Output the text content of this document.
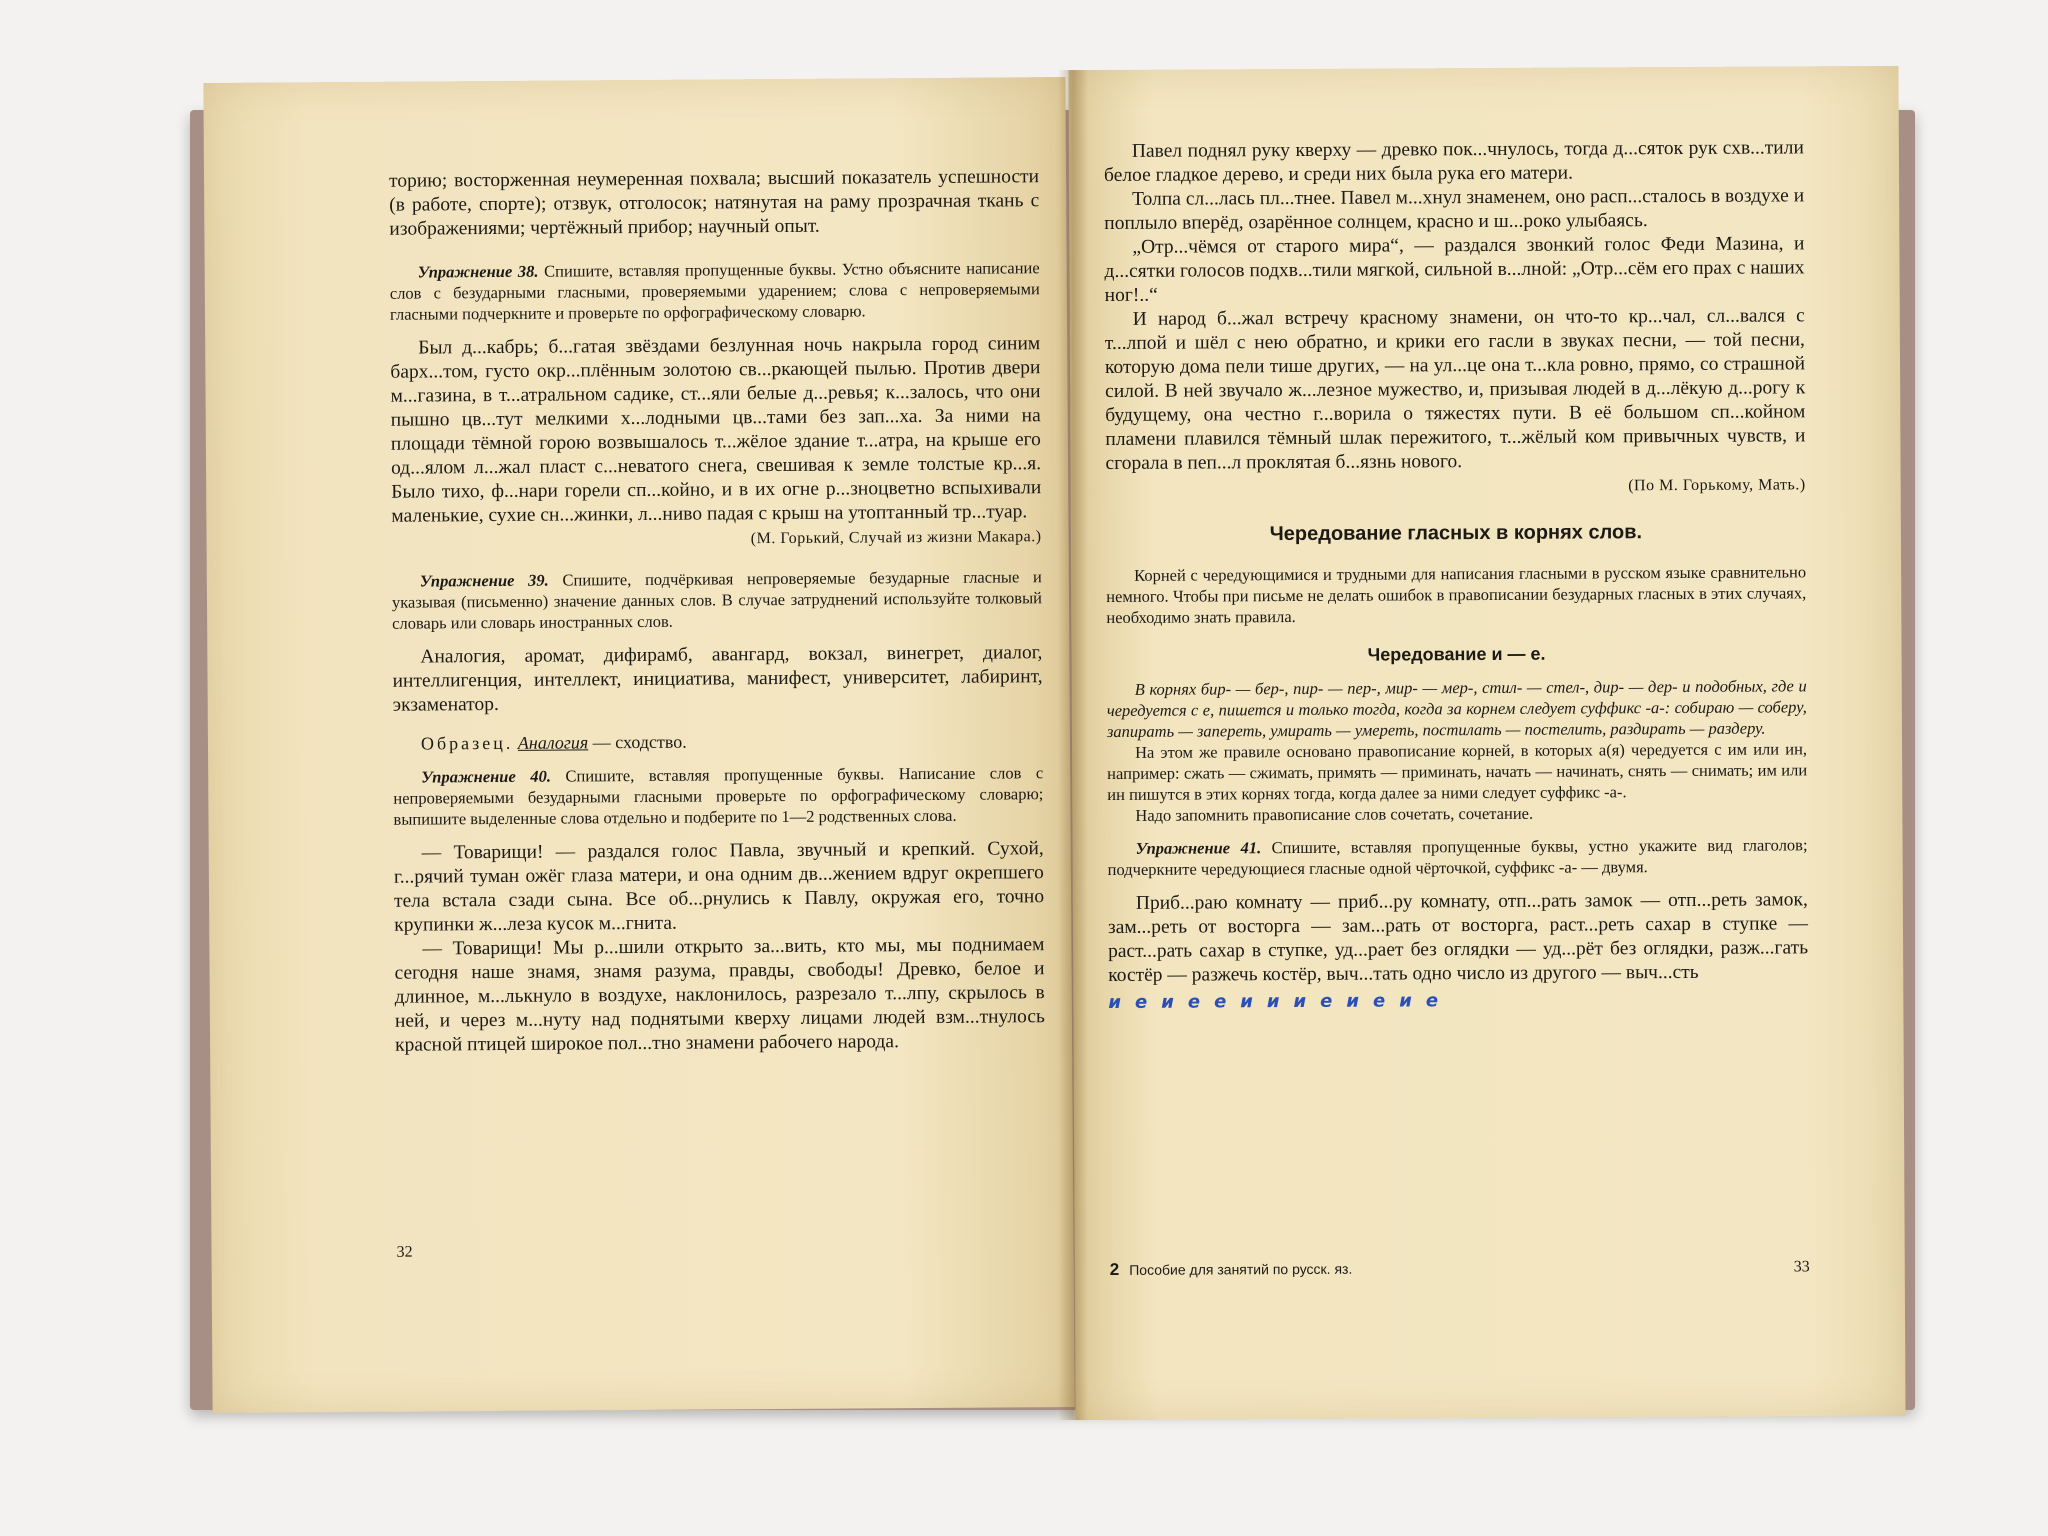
торию; восторженная неумеренная похвала; высший показатель успешности (в работе, спорте); отзвук, отголосок; натянутая на раму прозрачная ткань с изображениями; чертёжный прибор; научный опыт.

Упражнение 38. Спишите, вставляя пропущенные буквы. Устно объясните написание слов с безударными гласными, проверяемыми ударением; слова с непроверяемыми гласными подчеркните и проверьте по орфографическому словарю.

Был д...кабрь; б...гатая звёздами безлунная ночь накрыла город синим барх...том, густо окр...плённым золотою св...ркающей пылью. Против двери м...газина, в т...атральном садике, ст...яли белые д...ревья; к...залось, что они пышно цв...тут мелкими х...лодными цв...тами без зап...ха. За ними на площади тёмной горою возвышалось т...жёлое здание т...атра, на крыше его од...ялом л...жал пласт с...неватого снега, свешивая к земле толстые кр...я. Было тихо, ф...нари горели сп...койно, и в их огне р...зноцветно вспыхивали маленькие, сухие сн...жинки, л...ниво падая с крыш на утоптанный тр...туар.

(М. Горький, Случай из жизни Макара.)

Упражнение 39. Спишите, подчёркивая непроверяемые безударные гласные и указывая (письменно) значение данных слов. В случае затруднений используйте толковый словарь или словарь иностранных слов.

Аналогия, аромат, дифирамб, авангард, вокзал, винегрет, диалог, интеллигенция, интеллект, инициатива, манифест, университет, лабиринт, экзаменатор.

Образец. Аналогия — сходство.

Упражнение 40. Спишите, вставляя пропущенные буквы. Написание слов с непроверяемыми безударными гласными проверьте по орфографическому словарю; выпишите выделенные слова отдельно и подберите по 1—2 родственных слова.

— Товарищи! — раздался голос Павла, звучный и крепкий. Сухой, г...рячий туман ожёг глаза матери, и она одним дв...жением вдруг окрепшего тела встала сзади сына. Все об...рнулись к Павлу, окружая его, точно крупинки ж...леза кусок м...гнита.

— Товарищи! Мы р...шили открыто за...вить, кто мы, мы поднимаем сегодня наше знамя, знамя разума, правды, свободы! Древко, белое и длинное, м...лькнуло в воздухе, наклонилось, разрезало т...лпу, скрылось в ней, и через м...нуту над поднятыми кверху лицами людей взм...тнулось красной птицей широкое пол...тно знамени рабочего народа.

32

Павел поднял руку кверху — древко пок...чнулось, тогда д...сяток рук схв...тили белое гладкое дерево, и среди них была рука его матери.

Толпа сл...лась пл...тнее. Павел м...хнул знаменем, оно расп...сталось в воздухе и поплыло вперёд, озарённое солнцем, красно и ш...роко улыбаясь.

„Отр...чёмся от старого мира“, — раздался звонкий голос Феди Мазина, и д...сятки голосов подхв...тили мягкой, сильной в...лной: „Отр...сём его прах с наших ног!..“

И народ б...жал встречу красному знамени, он что-то кр...чал, сл...вался с т...лпой и шёл с нею обратно, и крики его гасли в звуках песни, — той песни, которую дома пели тише других, — на ул...це она т...кла ровно, прямо, со страшной силой. В ней звучало ж...лезное мужество, и, призывая людей в д...лёкую д...рогу к будущему, она честно г...ворила о тяжестях пути. В её большом сп...койном пламени плавился тёмный шлак пережитого, т...жёлый ком привычных чувств, и сгорала в пеп...л проклятая б...язнь нового.

(По М. Горькому, Мать.)

Чередование гласных в корнях слов.

Корней с чередующимися и трудными для написания гласными в русском языке сравнительно немного. Чтобы при письме не делать ошибок в правописании безударных гласных в этих случаях, необходимо знать правила.

Чередование и — е.

В корнях бир- — бер-, пир- — пер-, мир- — мер-, стил- — стел-, дир- — дер- и подобных, где и чередуется с е, пишется и только тогда, когда за корнем следует суффикс -а-: собираю — соберу, запирать — запереть, умирать — умереть, постилать — постелить, раздирать — раздеру.

На этом же правиле основано правописание корней, в которых а(я) чередуется с им или ин, например: сжать — сжимать, примять — приминать, начать — начинать, снять — снимать; им или ин пишутся в этих корнях тогда, когда далее за ними следует суффикс -а-.

Надо запомнить правописание слов сочетать, сочетание.

Упражнение 41. Спишите, вставляя пропущенные буквы, устно укажите вид глаголов; подчеркните чередующиеся гласные одной чёрточкой, суффикс -а- — двумя.

Приб...раю комнату — приб...ру комнату, отп...рать замок — отп...реть замок, зам...реть от восторга — зам...рать от восторга, раст...реть сахар в ступке — раст...рать сахар в ступке, уд...рает без оглядки — уд...рёт без оглядки, разж...гать костёр — разжечь костёр, выч...тать одно число из другого — выч...сть

и е и е е и и и е и е и е
2 Пособие для занятий по русск. яз.	33
